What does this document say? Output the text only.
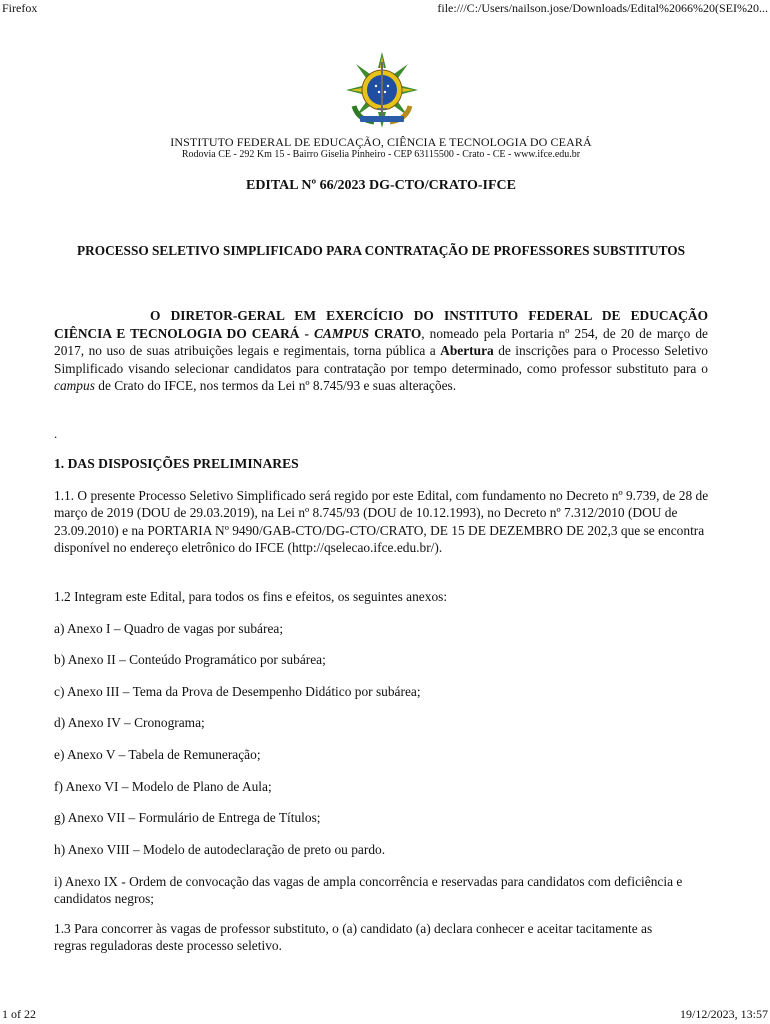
Firefox	file:///C:/Users/nailson.jose/Downloads/Edital%2066%20(SEI%20...
INSTITUTO FEDERAL DE EDUCAÇÃO, CIÊNCIA E TECNOLOGIA DO CEARÁ
Rodovia CE - 292 Km 15 - Bairro Giselia Pinheiro - CEP 63115500 - Crato - CE - www.ifce.edu.br
EDITAL Nº 66/2023 DG-CTO/CRATO-IFCE
PROCESSO SELETIVO SIMPLIFICADO PARA CONTRATAÇÃO DE PROFESSORES SUBSTITUTOS
O DIRETOR-GERAL EM EXERCÍCIO DO INSTITUTO FEDERAL DE EDUCAÇÃO CIÊNCIA E TECNOLOGIA DO CEARÁ - CAMPUS CRATO, nomeado pela Portaria nº 254, de 20 de março de 2017, no uso de suas atribuições legais e regimentais, torna pública a Abertura de inscrições para o Processo Seletivo Simplificado visando selecionar candidatos para contratação por tempo determinado, como professor substituto para o campus de Crato do IFCE, nos termos da Lei nº 8.745/93 e suas alterações.
.
1. DAS DISPOSIÇÕES PRELIMINARES
1.1. O presente Processo Seletivo Simplificado será regido por este Edital, com fundamento no Decreto nº 9.739, de 28 de março de 2019 (DOU de 29.03.2019), na Lei nº 8.745/93 (DOU de 10.12.1993), no Decreto nº 7.312/2010 (DOU de 23.09.2010) e na PORTARIA Nº 9490/GAB-CTO/DG-CTO/CRATO, DE 15 DE DEZEMBRO DE 202,3 que se encontra disponível no endereço eletrônico do IFCE (http://qselecao.ifce.edu.br/).
1.2 Integram este Edital, para todos os fins e efeitos, os seguintes anexos:
a) Anexo I – Quadro de vagas por subárea;
b) Anexo II – Conteúdo Programático por subárea;
c) Anexo III – Tema da Prova de Desempenho Didático por subárea;
d) Anexo IV – Cronograma;
e) Anexo V – Tabela de Remuneração;
f) Anexo VI – Modelo de Plano de Aula;
g) Anexo VII – Formulário de Entrega de Títulos;
h) Anexo VIII – Modelo de autodeclaração de preto ou pardo.
i) Anexo IX - Ordem de convocação das vagas de ampla concorrência e reservadas para candidatos com deficiência e candidatos negros;
1.3 Para concorrer às vagas de professor substituto, o (a) candidato (a) declara conhecer e aceitar tacitamente as regras reguladoras deste processo seletivo.
1 of 22	19/12/2023, 13:57
